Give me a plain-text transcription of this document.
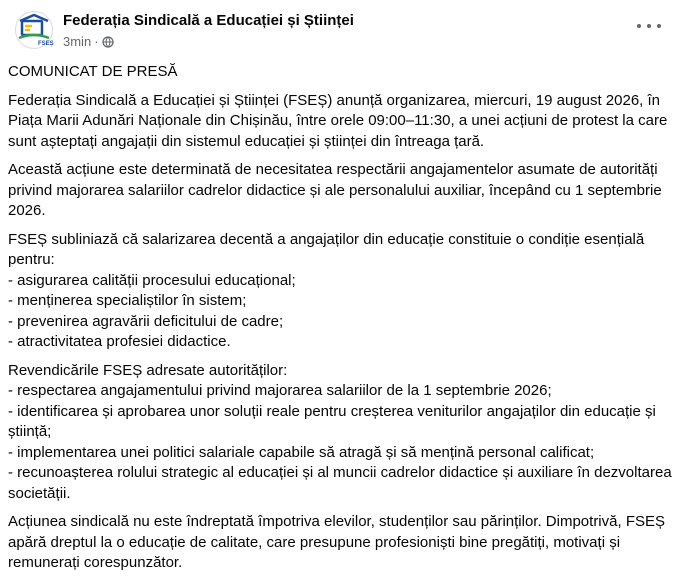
FSEȘ
Federația Sindicală a Educației și Științei
3min ·

COMUNICAT DE PRESĂ

Federația Sindicală a Educației și Științei (FSEȘ) anunță organizarea, miercuri, 19 august 2026, în Piața Marii Adunări Naționale din Chișinău, între orele 09:00–11:30, a unei acțiuni de protest la care sunt așteptați angajații din sistemul educației și științei din întreaga țară.

Această acțiune este determinată de necesitatea respectării angajamentelor asumate de autorități privind majorarea salariilor cadrelor didactice și ale personalului auxiliar, începând cu 1 septembrie 2026.

FSEȘ subliniază că salarizarea decentă a angajaților din educație constituie o condiție esențială pentru:
- asigurarea calității procesului educațional;
- menținerea specialiștilor în sistem;
- prevenirea agravării deficitului de cadre;
- atractivitatea profesiei didactice.

Revendicările FSEȘ adresate autorităților:
- respectarea angajamentului privind majorarea salariilor de la 1 septembrie 2026;
- identificarea și aprobarea unor soluții reale pentru creșterea veniturilor angajaților din educație și știință;
- implementarea unei politici salariale capabile să atragă și să mențină personal calificat;
- recunoașterea rolului strategic al educației și al muncii cadrelor didactice și auxiliare în dezvoltarea societății.

Acțiunea sindicală nu este îndreptată împotriva elevilor, studenților sau părinților. Dimpotrivă, FSEȘ apără dreptul la o educație de calitate, care presupune profesioniști bine pregătiți, motivați și remunerați corespunzător.
